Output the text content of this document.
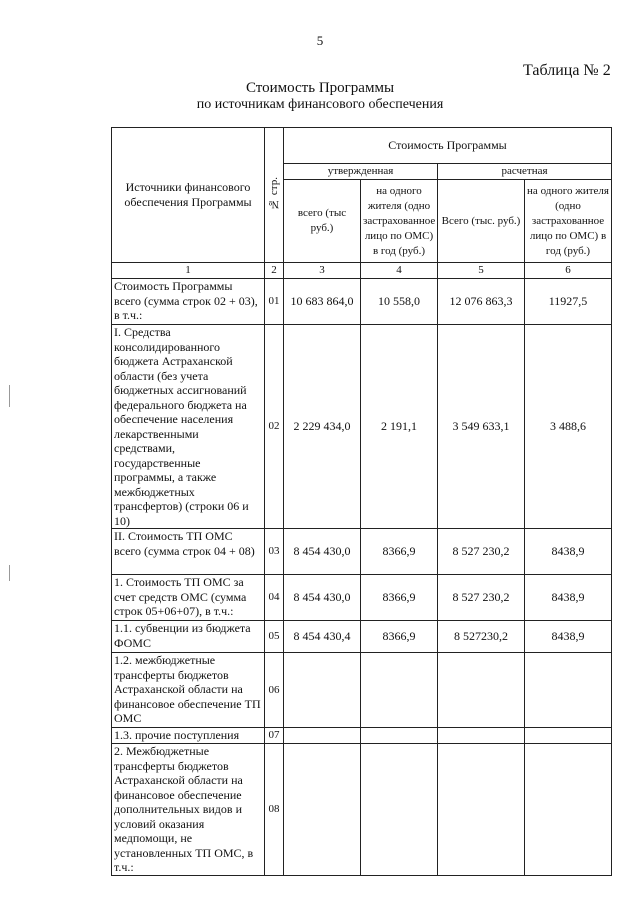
5
Таблица № 2
Стоимость Программы
по источникам финансового обеспечения
Источники финансового обеспечения Программы	№ стр.	Стоимость Программы			
		утвержденная		расчетная	
		всего (тыс руб.)	на одного жителя (одно застрахованное лицо по ОМС) в год (руб.)	Всего (тыс. руб.)	на одного жителя (одно застрахованное лицо по ОМС) в год (руб.)
1	2	3	4	5	6
Стоимость Программы всего (сумма строк 02 + 03), в т.ч.:	01	10 683 864,0	10 558,0	12 076 863,3	11927,5
I. Средства консолидированного бюджета Астраханской области (без учета бюджетных ассигнований федерального бюджета на обеспечение населения лекарственными средствами, государственные программы, а также межбюджетных трансфертов) (строки 06 и 10)	02	2 229 434,0	2 191,1	3 549 633,1	3 488,6
II. Стоимость ТП ОМС всего (сумма строк 04 + 08)	03	8 454 430,0	8366,9	8 527 230,2	8438,9
1. Стоимость ТП ОМС за счет средств ОМС (сумма строк 05+06+07), в т.ч.:	04	8 454 430,0	8366,9	8 527 230,2	8438,9
1.1. субвенции из бюджета ФОМС	05	8 454 430,4	8366,9	8 527230,2	8438,9
1.2. межбюджетные трансферты бюджетов Астраханской области на финансовое обеспечение ТП ОМС	06				
1.3. прочие поступления	07				
2. Межбюджетные трансферты бюджетов Астраханской области на финансовое обеспечение дополнительных видов и условий оказания медпомощи, не установленных ТП ОМС, в т.ч.:	08				
